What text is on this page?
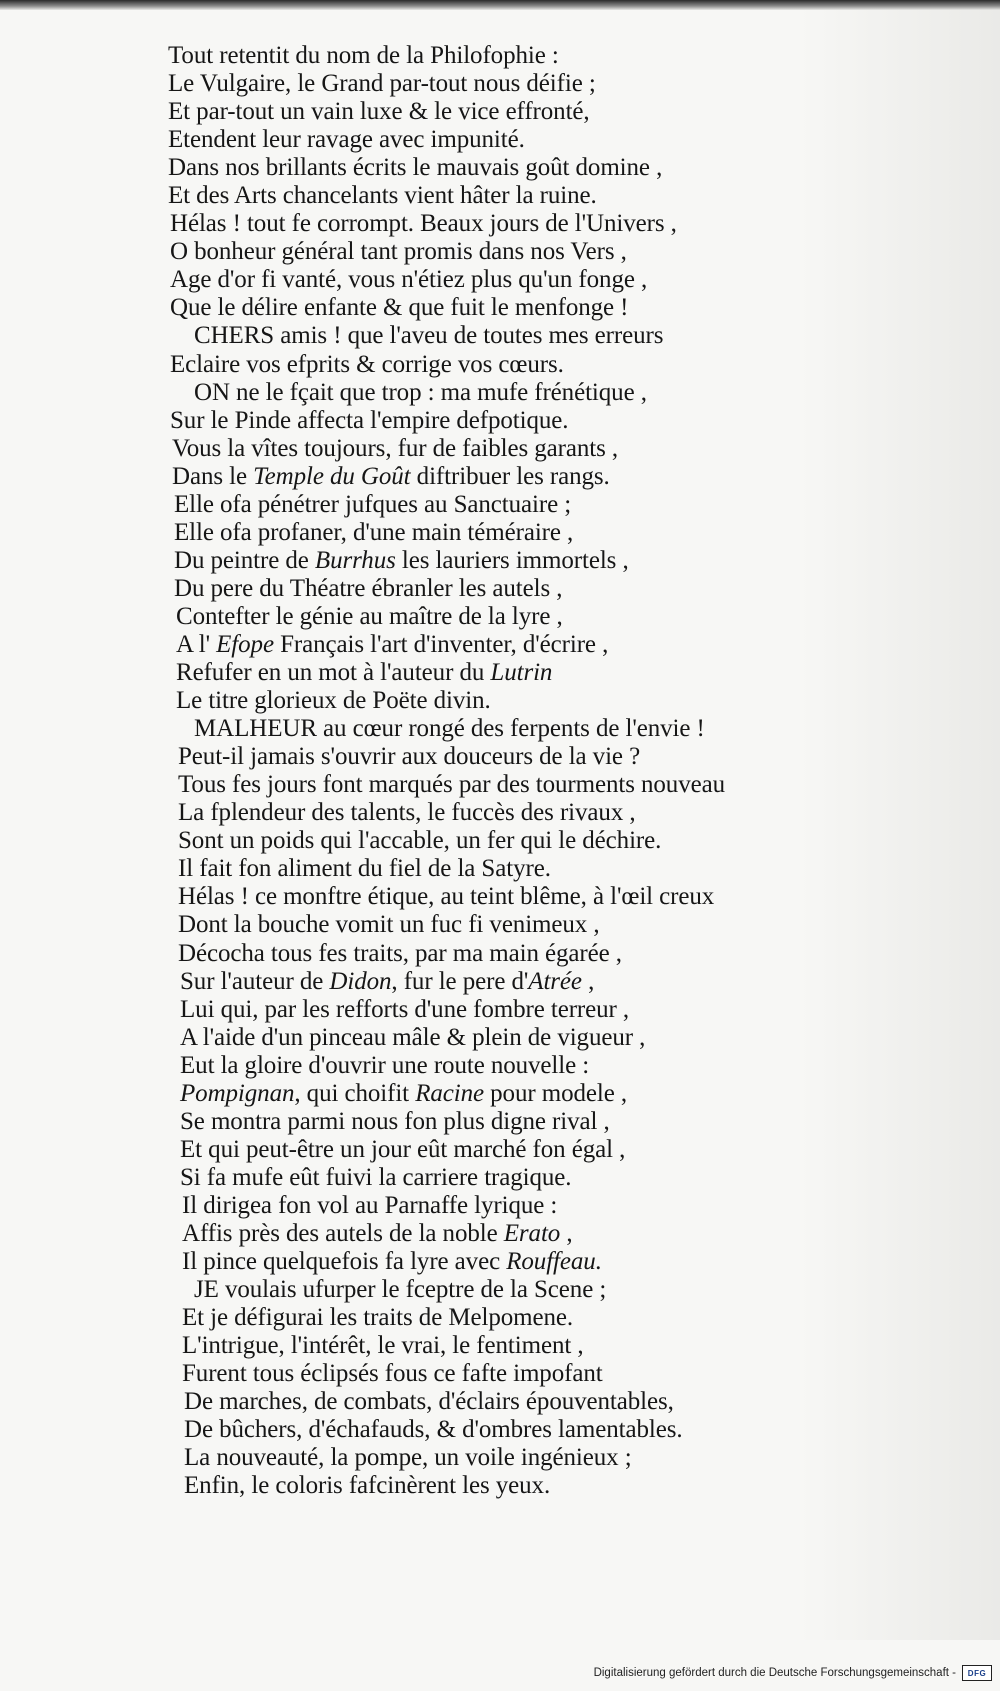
Tout retentit du nom de la Philofophie :
Le Vulgaire, le Grand par-tout nous déifie ;
Et par-tout un vain luxe & le vice effronté,
Etendent leur ravage avec impunité.
Dans nos brillants écrits le mauvais goût domine ,
Et des Arts chancelants vient hâter la ruine.
Hélas ! tout fe corrompt. Beaux jours de l'Univers ,
O bonheur général tant promis dans nos Vers ,
Age d'or fi vanté, vous n'étiez plus qu'un fonge ,
Que le délire enfante & que fuit le menfonge !
CHERS amis ! que l'aveu de toutes mes erreurs
Eclaire vos efprits & corrige vos cœurs.
ON ne le fçait que trop : ma mufe frénétique ,
Sur le Pinde affecta l'empire defpotique.
Vous la vîtes toujours, fur de faibles garants ,
Dans le Temple du Goût diftribuer les rangs.
Elle ofa pénétrer jufques au Sanctuaire ;
Elle ofa profaner, d'une main téméraire ,
Du peintre de Burrhus les lauriers immortels ,
Du pere du Théatre ébranler les autels ,
Contefter le génie au maître de la lyre ,
A l' Efope Français l'art d'inventer, d'écrire ,
Refufer en un mot à l'auteur du Lutrin
Le titre glorieux de Poëte divin.
MALHEUR au cœur rongé des ferpents de l'envie !
Peut-il jamais s'ouvrir aux douceurs de la vie ?
Tous fes jours font marqués par des tourments nouveau
La fplendeur des talents, le fuccès des rivaux ,
Sont un poids qui l'accable, un fer qui le déchire.
Il fait fon aliment du fiel de la Satyre.
Hélas ! ce monftre étique, au teint blême, à l'œil creux
Dont la bouche vomit un fuc fi venimeux ,
Décocha tous fes traits, par ma main égarée ,
Sur l'auteur de Didon, fur le pere d'Atrée ,
Lui qui, par les refforts d'une fombre terreur ,
A l'aide d'un pinceau mâle & plein de vigueur ,
Eut la gloire d'ouvrir une route nouvelle :
Pompignan, qui choifit Racine pour modele ,
Se montra parmi nous fon plus digne rival ,
Et qui peut-être un jour eût marché fon égal ,
Si fa mufe eût fuivi la carriere tragique.
Il dirigea fon vol au Parnaffe lyrique :
Affis près des autels de la noble Erato ,
Il pince quelquefois fa lyre avec Rouffeau.
JE voulais ufurper le fceptre de la Scene ;
Et je défigurai les traits de Melpomene.
L'intrigue, l'intérêt, le vrai, le fentiment ,
Furent tous éclipsés fous ce fafte impofant
De marches, de combats, d'éclairs épouventables,
De bûchers, d'échafauds, & d'ombres lamentables.
La nouveauté, la pompe, un voile ingénieux ;
Enfin, le coloris fafcinèrent les yeux.
Digitalisierung gefördert durch die Deutsche Forschungsgemeinschaft -	DFG
